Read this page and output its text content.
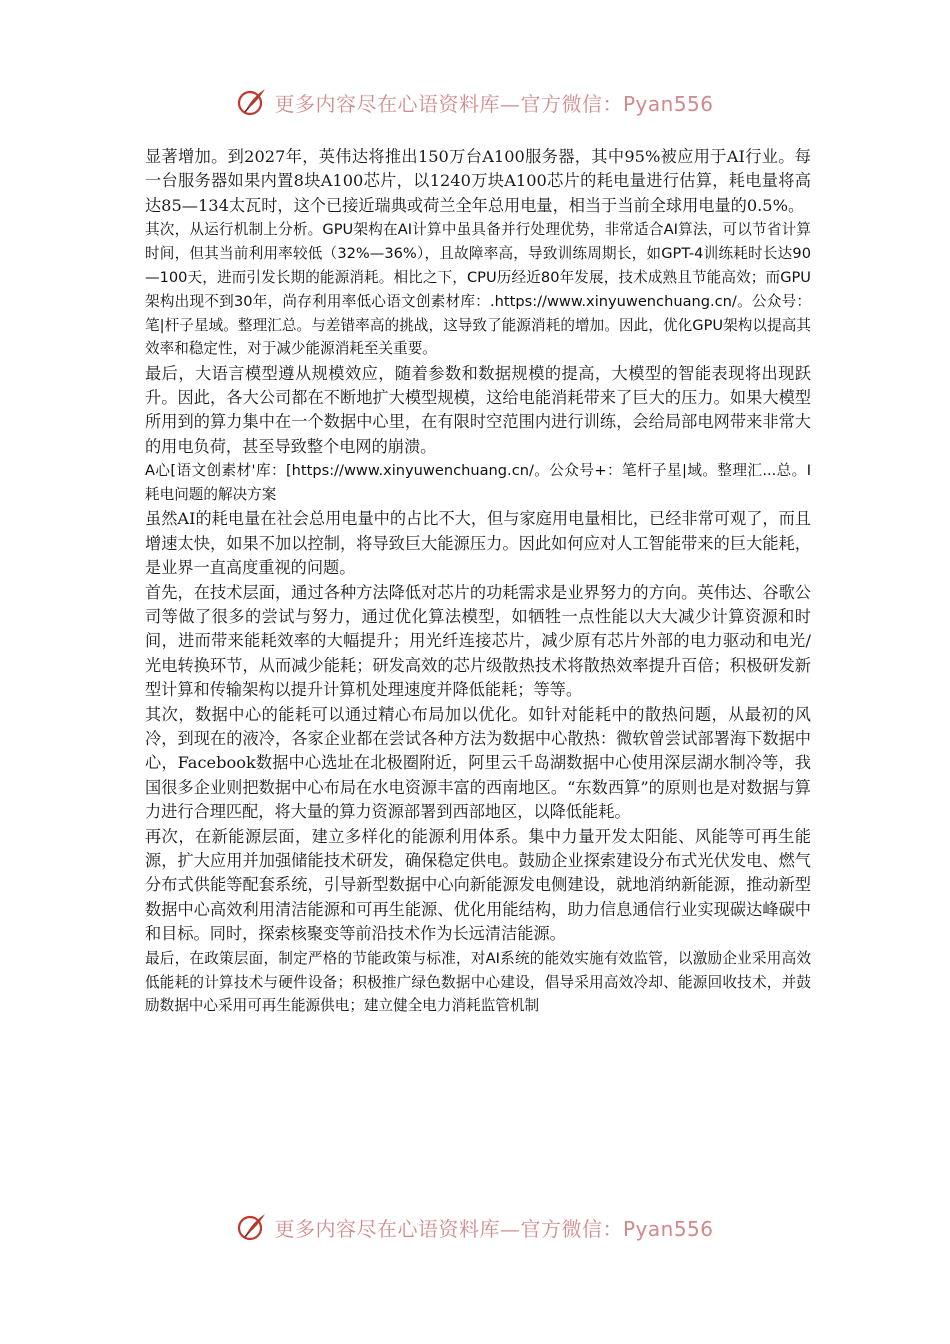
更多内容尽在心语资料库—官方微信：Pyan556

显著增加。到2027年，英伟达将推出150万台A100服务器，其中95%被应用于AI行业。每一台服务器如果内置8块A100芯片，以1240万块A100芯片的耗电量进行估算，耗电量将高达85—134太瓦时，这个已接近瑞典或荷兰全年总用电量，相当于当前全球用电量的0.5%。

其次，从运行机制上分析。GPU架构在AI计算中虽具备并行处理优势，非常适合AI算法，可以节省计算时间，但其当前利用率较低（32%—36%），且故障率高，导致训练周期长，如GPT-4训练耗时长达90—100天，进而引发长期的能源消耗。相比之下，CPU历经近80年发展，技术成熟且节能高效；而GPU架构出现不到30年，尚存利用率低心语文创素材库：.https://www.xinyuwenchuang.cn/。公众号：笔|杆子星域。整理汇总。与差错率高的挑战，这导致了能源消耗的增加。因此，优化GPU架构以提高其效率和稳定性，对于减少能源消耗至关重要。

最后，大语言模型遵从规模效应，随着参数和数据规模的提高，大模型的智能表现将出现跃升。因此，各大公司都在不断地扩大模型规模，这给电能消耗带来了巨大的压力。如果大模型所用到的算力集中在一个数据中心里，在有限时空范围内进行训练，会给局部电网带来非常大的用电负荷，甚至导致整个电网的崩溃。

A心[语文创素材'库：[https://www.xinyuwenchuang.cn/。公众号+：笔杆子星|域。整理汇...总。I耗电问题的解决方案

虽然AI的耗电量在社会总用电量中的占比不大，但与家庭用电量相比，已经非常可观了，而且增速太快，如果不加以控制，将导致巨大能源压力。因此如何应对人工智能带来的巨大能耗，是业界一直高度重视的问题。

首先，在技术层面，通过各种方法降低对芯片的功耗需求是业界努力的方向。英伟达、谷歌公司等做了很多的尝试与努力，通过优化算法模型，如牺牲一点性能以大大减少计算资源和时间，进而带来能耗效率的大幅提升；用光纤连接芯片，减少原有芯片外部的电力驱动和电光/光电转换环节，从而减少能耗；研发高效的芯片级散热技术将散热效率提升百倍；积极研发新型计算和传输架构以提升计算机处理速度并降低能耗；等等。

其次，数据中心的能耗可以通过精心布局加以优化。如针对能耗中的散热问题，从最初的风冷，到现在的液冷，各家企业都在尝试各种方法为数据中心散热：微软曾尝试部署海下数据中心，Facebook数据中心选址在北极圈附近，阿里云千岛湖数据中心使用深层湖水制冷等，我国很多企业则把数据中心布局在水电资源丰富的西南地区。“东数西算”的原则也是对数据与算力进行合理匹配，将大量的算力资源部署到西部地区，以降低能耗。

再次，在新能源层面，建立多样化的能源利用体系。集中力量开发太阳能、风能等可再生能源，扩大应用并加强储能技术研发，确保稳定供电。鼓励企业探索建设分布式光伏发电、燃气分布式供能等配套系统，引导新型数据中心向新能源发电侧建设，就地消纳新能源，推动新型数据中心高效利用清洁能源和可再生能源、优化用能结构，助力信息通信行业实现碳达峰碳中和目标。同时，探索核聚变等前沿技术作为长远清洁能源。

最后，在政策层面，制定严格的节能政策与标准，对AI系统的能效实施有效监管，以激励企业采用高效低能耗的计算技术与硬件设备；积极推广绿色数据中心建设，倡导采用高效冷却、能源回收技术，并鼓励数据中心采用可再生能源供电；建立健全电力消耗监管机制

更多内容尽在心语资料库—官方微信：Pyan556
